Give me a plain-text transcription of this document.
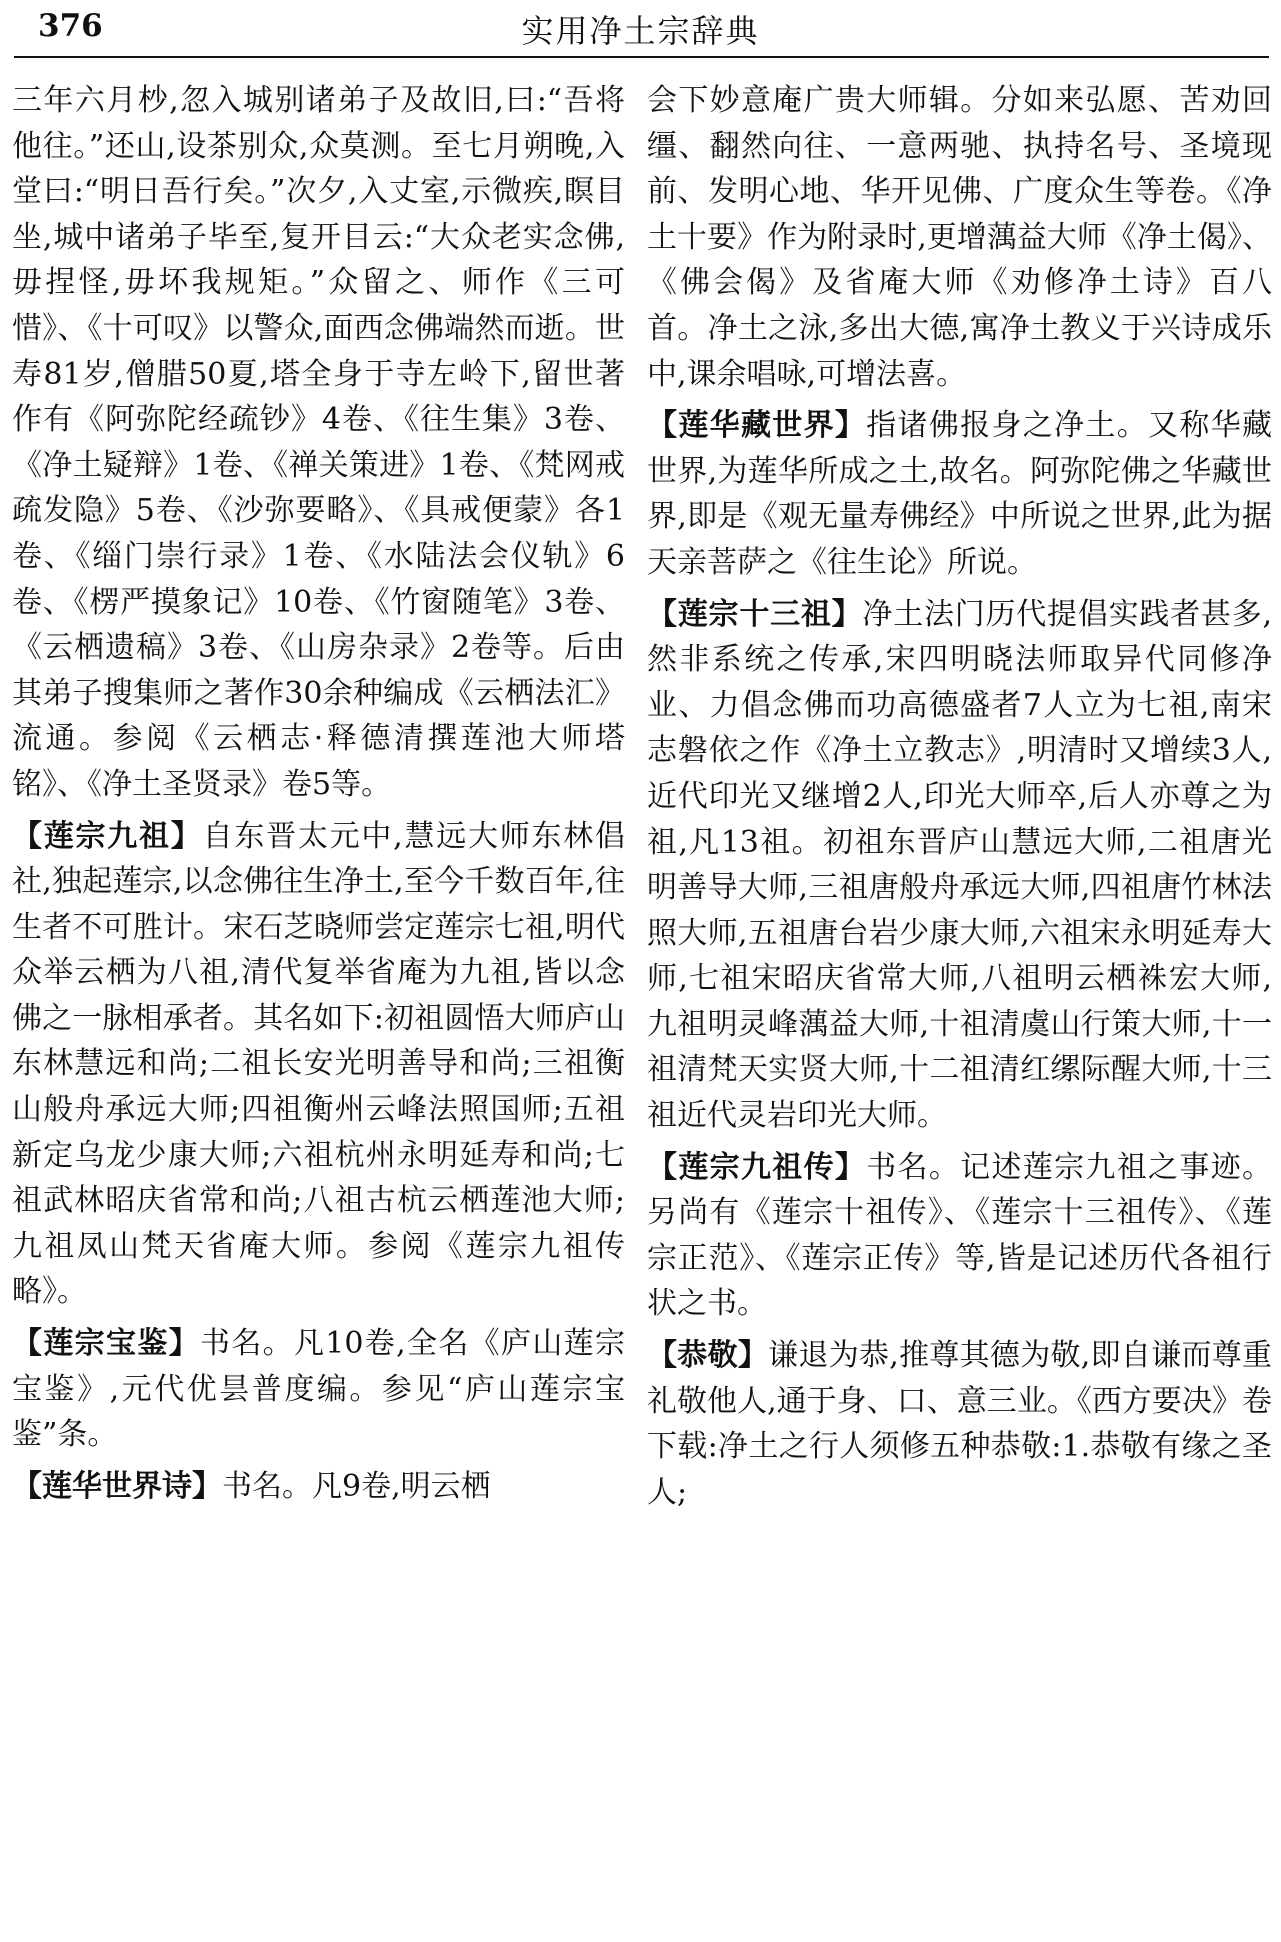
376	实用净土宗辞典

三年六月杪,忽入城别诸弟子及故旧,曰:“吾将他往。”还山,设茶别众,众莫测。至七月朔晚,入堂曰:“明日吾行矣。”次夕,入丈室,示微疾,瞑目坐,城中诸弟子毕至,复开目云:“大众老实念佛,毋捏怪,毋坏我规矩。”众留之、师作《三可惜》、《十可叹》以警众,面西念佛端然而逝。世寿81岁,僧腊50夏,塔全身于寺左岭下,留世著作有《阿弥陀经疏钞》4卷、《往生集》3卷、《净土疑辩》1卷、《禅关策进》1卷、《梵网戒疏发隐》5卷、《沙弥要略》、《具戒便蒙》各1卷、《缁门崇行录》1卷、《水陆法会仪轨》6卷、《楞严摸象记》10卷、《竹窗随笔》3卷、《云栖遗稿》3卷、《山房杂录》2卷等。后由其弟子搜集师之著作30余种编成《云栖法汇》流通。参阅《云栖志·释德清撰莲池大师塔铭》、《净土圣贤录》卷5等。

【莲宗九祖】自东晋太元中,慧远大师东林倡社,独起莲宗,以念佛往生净土,至今千数百年,往生者不可胜计。宋石芝晓师尝定莲宗七祖,明代众举云栖为八祖,清代复举省庵为九祖,皆以念佛之一脉相承者。其名如下:初祖圆悟大师庐山东林慧远和尚;二祖长安光明善导和尚;三祖衡山般舟承远大师;四祖衡州云峰法照国师;五祖新定乌龙少康大师;六祖杭州永明延寿和尚;七祖武林昭庆省常和尚;八祖古杭云栖莲池大师;九祖凤山梵天省庵大师。参阅《莲宗九祖传略》。

【莲宗宝鉴】书名。凡10卷,全名《庐山莲宗宝鉴》,元代优昙普度编。参见“庐山莲宗宝鉴”条。

【莲华世界诗】书名。凡9卷,明云栖

会下妙意庵广贵大师辑。分如来弘愿、苦劝回缰、翻然向往、一意两驰、执持名号、圣境现前、发明心地、华开见佛、广度众生等卷。《净土十要》作为附录时,更增蕅益大师《净土偈》、《佛会偈》及省庵大师《劝修净土诗》百八首。净土之泳,多出大德,寓净土教义于兴诗成乐中,课余唱咏,可增法喜。

【莲华藏世界】指诸佛报身之净土。又称华藏世界,为莲华所成之土,故名。阿弥陀佛之华藏世界,即是《观无量寿佛经》中所说之世界,此为据天亲菩萨之《往生论》所说。

【莲宗十三祖】净土法门历代提倡实践者甚多,然非系统之传承,宋四明晓法师取异代同修净业、力倡念佛而功高德盛者7人立为七祖,南宋志磐依之作《净土立教志》,明清时又增续3人,近代印光又继增2人,印光大师卒,后人亦尊之为祖,凡13祖。初祖东晋庐山慧远大师,二祖唐光明善导大师,三祖唐般舟承远大师,四祖唐竹林法照大师,五祖唐台岩少康大师,六祖宋永明延寿大师,七祖宋昭庆省常大师,八祖明云栖袾宏大师,九祖明灵峰蕅益大师,十祖清虞山行策大师,十一祖清梵天实贤大师,十二祖清红缧际醒大师,十三祖近代灵岩印光大师。

【莲宗九祖传】书名。记述莲宗九祖之事迹。另尚有《莲宗十祖传》、《莲宗十三祖传》、《莲宗正范》、《莲宗正传》等,皆是记述历代各祖行状之书。

【恭敬】谦退为恭,推尊其德为敬,即自谦而尊重礼敬他人,通于身、口、意三业。《西方要决》卷下载:净土之行人须修五种恭敬:1.恭敬有缘之圣人;
